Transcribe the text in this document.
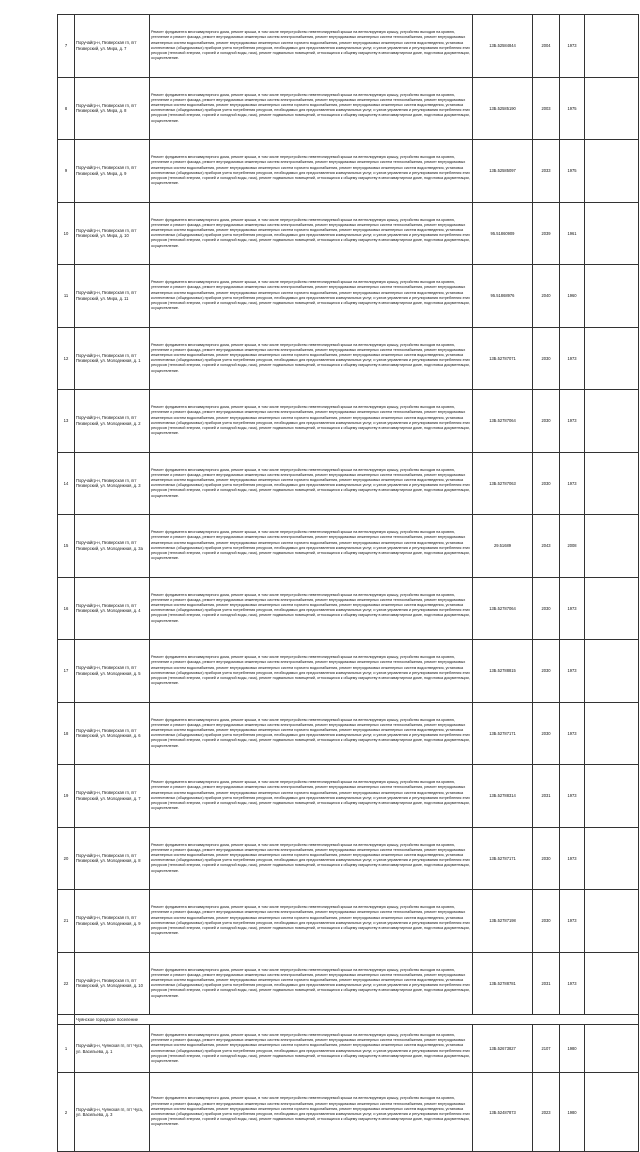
7	Поручайгр-н, Пезверская гп, пгт Пезверский, ул. Мира, д. 7	Ремонт фундамента многоквартирного дома, ремонт крыши, в том числе переустройство невентилируемой крыши на вентилируемую крышу, устройство выходов на кровлю, утепление и ремонт фасада, ремонт внутридомовых инженерных систем электроснабжения, ремонт внутридомовых инженерных систем теплоснабжения, ремонт внутридомовых инженерных систем водоснабжения, ремонт внутридомовых инженерных систем горячего водоснабжения, ремонт внутридомовых инженерных систем водоотведения, установка коллективных (общедомовых) приборов учета потребления ресурсов, необходимых для предоставления коммунальных услуг, и узлов управления и регулирования потребления этих ресурсов (тепловой энергии, горячей и холодной воды, газа), ремонт подвальных помещений, относящихся к общему имуществу в многоквартирном доме, подготовка документации, осуществление.	13Б.52584844	2004	1973	
8	Поручайгр-н, Пезверская гп, пгт Пезверский, ул. Мира, д. 8	Ремонт фундамента многоквартирного дома, ремонт крыши, в том числе переустройство невентилируемой крыши на вентилируемую крышу, устройство выходов на кровлю, утепление и ремонт фасада, ремонт внутридомовых инженерных систем электроснабжения, ремонт внутридомовых инженерных систем теплоснабжения, ремонт внутридомовых инженерных систем водоснабжения, ремонт внутридомовых инженерных систем горячего водоснабжения, ремонт внутридомовых инженерных систем водоотведения, установка коллективных (общедомовых) приборов учета потребления ресурсов, необходимых для предоставления коммунальных услуг, и узлов управления и регулирования потребления этих ресурсов (тепловой энергии, горячей и холодной воды, газа), ремонт подвальных помещений, относящихся к общему имуществу в многоквартирном доме, подготовка документации, осуществление.	13Б.52585190	2003	1975	
9	Поручайгр-н, Пезверская гп, пгт Пезверский, ул. Мира, д. 9	Ремонт фундамента многоквартирного дома, ремонт крыши, в том числе переустройство невентилируемой крыши на вентилируемую крышу, устройство выходов на кровлю, утепление и ремонт фасада, ремонт внутридомовых инженерных систем электроснабжения, ремонт внутридомовых инженерных систем теплоснабжения, ремонт внутридомовых инженерных систем водоснабжения, ремонт внутридомовых инженерных систем горячего водоснабжения, ремонт внутридомовых инженерных систем водоотведения, установка коллективных (общедомовых) приборов учета потребления ресурсов, необходимых для предоставления коммунальных услуг, и узлов управления и регулирования потребления этих ресурсов (тепловой энергии, горячей и холодной воды, газа), ремонт подвальных помещений, относящихся к общему имуществу в многоквартирном доме, подготовка документации, осуществление.	13Б.52585097	2033	1975	
10	Поручайгр-н, Пезверская гп, пгт Пезверский, ул. Мира, д. 10	Ремонт фундамента многоквартирного дома, ремонт крыши, в том числе переустройство невентилируемой крыши на вентилируемую крышу, устройство выходов на кровлю, утепление и ремонт фасада, ремонт внутридомовых инженерных систем электроснабжения, ремонт внутридомовых инженерных систем теплоснабжения, ремонт внутридомовых инженерных систем водоснабжения, ремонт внутридомовых инженерных систем горячего водоснабжения, ремонт внутридомовых инженерных систем водоотведения, установка коллективных (общедомовых) приборов учета потребления ресурсов, необходимых для предоставления коммунальных услуг, и узлов управления и регулирования потребления этих ресурсов (тепловой энергии, горячей и холодной воды, газа), ремонт подвальных помещений, относящихся к общему имуществу в многоквартирном доме, подготовка документации, осуществление.	95.51860909	2039	1961	
11	Поручайгр-н, Пезверская гп, пгт Пезверский, ул. Мира, д. 11	Ремонт фундамента многоквартирного дома, ремонт крыши, в том числе переустройство невентилируемой крыши на вентилируемую крышу, устройство выходов на кровлю, утепление и ремонт фасада, ремонт внутридомовых инженерных систем электроснабжения, ремонт внутридомовых инженерных систем теплоснабжения, ремонт внутридомовых инженерных систем водоснабжения, ремонт внутридомовых инженерных систем горячего водоснабжения, ремонт внутридомовых инженерных систем водоотведения, установка коллективных (общедомовых) приборов учета потребления ресурсов, необходимых для предоставления коммунальных услуг, и узлов управления и регулирования потребления этих ресурсов (тепловой энергии, горячей и холодной воды, газа), ремонт подвальных помещений, относящихся к общему имуществу в многоквартирном доме, подготовка документации, осуществление.	95.51868976	2040	1960	
12	Поручайгр-н, Пезверская гп, пгт Пезверский, ул. Молодежная, д. 1	Ремонт фундамента многоквартирного дома, ремонт крыши, в том числе переустройство невентилируемой крыши на вентилируемую крышу, устройство выходов на кровлю, утепление и ремонт фасада, ремонт внутридомовых инженерных систем электроснабжения, ремонт внутридомовых инженерных систем теплоснабжения, ремонт внутридомовых инженерных систем водоснабжения, ремонт внутридомовых инженерных систем горячего водоснабжения, ремонт внутридомовых инженерных систем водоотведения, установка коллективных (общедомовых) приборов учета потребления ресурсов, необходимых для предоставления коммунальных услуг, и узлов управления и регулирования потребления этих ресурсов (тепловой энергии, горячей и холодной воды, газа), ремонт подвальных помещений, относящихся к общему имуществу в многоквартирном доме, подготовка документации, осуществление.	13Б.52787071	2030	1973	
13	Поручайгр-н, Пезверская гп, пгт Пезверский, ул. Молодежная, д. 2	Ремонт фундамента многоквартирного дома, ремонт крыши, в том числе переустройство невентилируемой крыши на вентилируемую крышу, устройство выходов на кровлю, утепление и ремонт фасада, ремонт внутридомовых инженерных систем электроснабжения, ремонт внутридомовых инженерных систем теплоснабжения, ремонт внутридомовых инженерных систем водоснабжения, ремонт внутридомовых инженерных систем горячего водоснабжения, ремонт внутридомовых инженерных систем водоотведения, установка коллективных (общедомовых) приборов учета потребления ресурсов, необходимых для предоставления коммунальных услуг, и узлов управления и регулирования потребления этих ресурсов (тепловой энергии, горячей и холодной воды, газа), ремонт подвальных помещений, относящихся к общему имуществу в многоквартирном доме, подготовка документации, осуществление.	13Б.52787064	2030	1973	
14	Поручайгр-н, Пезверская гп, пгт Пезверский, ул. Молодежная, д. 3	Ремонт фундамента многоквартирного дома, ремонт крыши, в том числе переустройство невентилируемой крыши на вентилируемую крышу, устройство выходов на кровлю, утепление и ремонт фасада, ремонт внутридомовых инженерных систем электроснабжения, ремонт внутридомовых инженерных систем теплоснабжения, ремонт внутридомовых инженерных систем водоснабжения, ремонт внутридомовых инженерных систем горячего водоснабжения, ремонт внутридомовых инженерных систем водоотведения, установка коллективных (общедомовых) приборов учета потребления ресурсов, необходимых для предоставления коммунальных услуг, и узлов управления и регулирования потребления этих ресурсов (тепловой энергии, горячей и холодной воды, газа), ремонт подвальных помещений, относящихся к общему имуществу в многоквартирном доме, подготовка документации, осуществление.	13Б.52787063	2030	1973	
15	Поручайгр-н, Пезверская гп, пгт Пезверский, ул. Молодежная, д. 3а	Ремонт фундамента многоквартирного дома, ремонт крыши, в том числе переустройство невентилируемой крыши на вентилируемую крышу, устройство выходов на кровлю, утепление и ремонт фасада, ремонт внутридомовых инженерных систем электроснабжения, ремонт внутридомовых инженерных систем теплоснабжения, ремонт внутридомовых инженерных систем водоснабжения, ремонт внутридомовых инженерных систем горячего водоснабжения, ремонт внутридомовых инженерных систем водоотведения, установка коллективных (общедомовых) приборов учета потребления ресурсов, необходимых для предоставления коммунальных услуг, и узлов управления и регулирования потребления этих ресурсов (тепловой энергии, горячей и холодной воды, газа), ремонт подвальных помещений, относящихся к общему имуществу в многоквартирном доме, подготовка документации, осуществление.	29.51689	2043	2008	
16	Поручайгр-н, Пезверская гп, пгт Пезверский, ул. Молодежная, д. 4	Ремонт фундамента многоквартирного дома, ремонт крыши, в том числе переустройство невентилируемой крыши на вентилируемую крышу, устройство выходов на кровлю, утепление и ремонт фасада, ремонт внутридомовых инженерных систем электроснабжения, ремонт внутридомовых инженерных систем теплоснабжения, ремонт внутридомовых инженерных систем водоснабжения, ремонт внутридомовых инженерных систем горячего водоснабжения, ремонт внутридомовых инженерных систем водоотведения, установка коллективных (общедомовых) приборов учета потребления ресурсов, необходимых для предоставления коммунальных услуг, и узлов управления и регулирования потребления этих ресурсов (тепловой энергии, горячей и холодной воды, газа), ремонт подвальных помещений, относящихся к общему имуществу в многоквартирном доме, подготовка документации, осуществление.	13Б.52787064	2030	1973	
17	Поручайгр-н, Пезверская гп, пгт Пезверский, ул. Молодежная, д. 5	Ремонт фундамента многоквартирного дома, ремонт крыши, в том числе переустройство невентилируемой крыши на вентилируемую крышу, устройство выходов на кровлю, утепление и ремонт фасада, ремонт внутридомовых инженерных систем электроснабжения, ремонт внутридомовых инженерных систем теплоснабжения, ремонт внутридомовых инженерных систем водоснабжения, ремонт внутридомовых инженерных систем горячего водоснабжения, ремонт внутридомовых инженерных систем водоотведения, установка коллективных (общедомовых) приборов учета потребления ресурсов, необходимых для предоставления коммунальных услуг, и узлов управления и регулирования потребления этих ресурсов (тепловой энергии, горячей и холодной воды, газа), ремонт подвальных помещений, относящихся к общему имуществу в многоквартирном доме, подготовка документации, осуществление.	13Б.52788815	2030	1973	
18	Поручайгр-н, Пезверская гп, пгт Пезверский, ул. Молодежная, д. 6	Ремонт фундамента многоквартирного дома, ремонт крыши, в том числе переустройство невентилируемой крыши на вентилируемую крышу, устройство выходов на кровлю, утепление и ремонт фасада, ремонт внутридомовых инженерных систем электроснабжения, ремонт внутридомовых инженерных систем теплоснабжения, ремонт внутридомовых инженерных систем водоснабжения, ремонт внутридомовых инженерных систем горячего водоснабжения, ремонт внутридомовых инженерных систем водоотведения, установка коллективных (общедомовых) приборов учета потребления ресурсов, необходимых для предоставления коммунальных услуг, и узлов управления и регулирования потребления этих ресурсов (тепловой энергии, горячей и холодной воды, газа), ремонт подвальных помещений, относящихся к общему имуществу в многоквартирном доме, подготовка документации, осуществление.	13Б.52787171	2030	1973	
19	Поручайгр-н, Пезверская гп, пгт Пезверский, ул. Молодежная, д. 7	Ремонт фундамента многоквартирного дома, ремонт крыши, в том числе переустройство невентилируемой крыши на вентилируемую крышу, устройство выходов на кровлю, утепление и ремонт фасада, ремонт внутридомовых инженерных систем электроснабжения, ремонт внутридомовых инженерных систем теплоснабжения, ремонт внутридомовых инженерных систем водоснабжения, ремонт внутридомовых инженерных систем горячего водоснабжения, ремонт внутридомовых инженерных систем водоотведения, установка коллективных (общедомовых) приборов учета потребления ресурсов, необходимых для предоставления коммунальных услуг, и узлов управления и регулирования потребления этих ресурсов (тепловой энергии, горячей и холодной воды, газа), ремонт подвальных помещений, относящихся к общему имуществу в многоквартирном доме, подготовка документации, осуществление.	13Б.52788314	2031	1973	
20	Поручайгр-н, Пезверская гп, пгт Пезверский, ул. Молодежная, д. 8	Ремонт фундамента многоквартирного дома, ремонт крыши, в том числе переустройство невентилируемой крыши на вентилируемую крышу, устройство выходов на кровлю, утепление и ремонт фасада, ремонт внутридомовых инженерных систем электроснабжения, ремонт внутридомовых инженерных систем теплоснабжения, ремонт внутридомовых инженерных систем водоснабжения, ремонт внутридомовых инженерных систем горячего водоснабжения, ремонт внутридомовых инженерных систем водоотведения, установка коллективных (общедомовых) приборов учета потребления ресурсов, необходимых для предоставления коммунальных услуг, и узлов управления и регулирования потребления этих ресурсов (тепловой энергии, горячей и холодной воды, газа), ремонт подвальных помещений, относящихся к общему имуществу в многоквартирном доме, подготовка документации, осуществление.	13Б.52787171	2030	1973	
21	Поручайгр-н, Пезверская гп, пгт Пезверский, ул. Молодежная, д. 9	Ремонт фундамента многоквартирного дома, ремонт крыши, в том числе переустройство невентилируемой крыши на вентилируемую крышу, устройство выходов на кровлю, утепление и ремонт фасада, ремонт внутридомовых инженерных систем электроснабжения, ремонт внутридомовых инженерных систем теплоснабжения, ремонт внутридомовых инженерных систем водоснабжения, ремонт внутридомовых инженерных систем горячего водоснабжения, ремонт внутридомовых инженерных систем водоотведения, установка коллективных (общедомовых) приборов учета потребления ресурсов, необходимых для предоставления коммунальных услуг, и узлов управления и регулирования потребления этих ресурсов (тепловой энергии, горячей и холодной воды, газа), ремонт подвальных помещений, относящихся к общему имуществу в многоквартирном доме, подготовка документации, осуществление.	13Б.52787198	2030	1973	
22	Поручайгр-н, Пезверская гп, пгт Пезверский, ул. Молодежная, д. 10	Ремонт фундамента многоквартирного дома, ремонт крыши, в том числе переустройство невентилируемой крыши на вентилируемую крышу, устройство выходов на кровлю, утепление и ремонт фасада, ремонт внутридомовых инженерных систем электроснабжения, ремонт внутридомовых инженерных систем теплоснабжения, ремонт внутридомовых инженерных систем водоснабжения, ремонт внутридомовых инженерных систем горячего водоснабжения, ремонт внутридомовых инженерных систем водоотведения, установка коллективных (общедомовых) приборов учета потребления ресурсов, необходимых для предоставления коммунальных услуг, и узлов управления и регулирования потребления этих ресурсов (тепловой энергии, горячей и холодной воды, газа), ремонт подвальных помещений, относящихся к общему имуществу в многоквартирном доме, подготовка документации, осуществление.	13Б.52788781	2031	1973	
	Чуянское городское поселение					
1	Поручайгр-н, Чуянская гп, пгт Чуга, ул. Васильева, д. 1	Ремонт фундамента многоквартирного дома, ремонт крыши, в том числе переустройство невентилируемой крыши на вентилируемую крышу, устройство выходов на кровлю, утепление и ремонт фасада, ремонт внутридомовых инженерных систем электроснабжения, ремонт внутридомовых инженерных систем теплоснабжения, ремонт внутридомовых инженерных систем водоснабжения, ремонт внутридомовых инженерных систем горячего водоснабжения, ремонт внутридомовых инженерных систем водоотведения, установка коллективных (общедомовых) приборов учета потребления ресурсов, необходимых для предоставления коммунальных услуг, и узлов управления и регулирования потребления этих ресурсов (тепловой энергии, горячей и холодной воды, газа), ремонт подвальных помещений, относящихся к общему имуществу в многоквартирном доме, подготовка документации, осуществление.	13Б.52673827	2107	1980	
2	Поручайгр-н, Чуянская гп, пгт Чуга, ул. Васильева, д. 3	Ремонт фундамента многоквартирного дома, ремонт крыши, в том числе переустройство невентилируемой крыши на вентилируемую крышу, устройство выходов на кровлю, утепление и ремонт фасада, ремонт внутридомовых инженерных систем электроснабжения, ремонт внутридомовых инженерных систем теплоснабжения, ремонт внутридомовых инженерных систем водоснабжения, ремонт внутридомовых инженерных систем горячего водоснабжения, ремонт внутридомовых инженерных систем водоотведения, установка коллективных (общедомовых) приборов учета потребления ресурсов, необходимых для предоставления коммунальных услуг, и узлов управления и регулирования потребления этих ресурсов (тепловой энергии, горячей и холодной воды, газа), ремонт подвальных помещений, относящихся к общему имуществу в многоквартирном доме, подготовка документации, осуществление.	13Б.52487873	2023	1980	
